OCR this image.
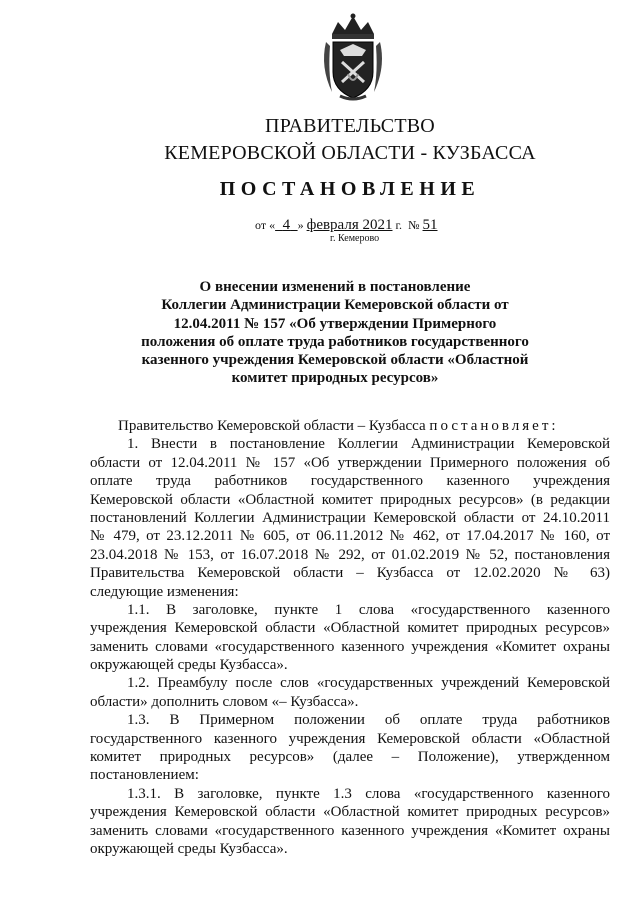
ПРАВИТЕЛЬСТВО
КЕМЕРОВСКОЙ ОБЛАСТИ - КУЗБАССА
ПОСТАНОВЛЕНИЕ
от « 4 » февраля 2021 г. № 51
г. Кемерово
О внесении изменений в постановление
Коллегии Администрации Кемеровской области от
12.04.2011 № 157 «Об утверждении Примерного
положения об оплате труда работников государственного
казенного учреждения Кемеровской области «Областной
комитет природных ресурсов»
Правительство Кемеровской области – Кузбасса постановляет:
1. Внести в постановление Коллегии Администрации Кемеровской
области от 12.04.2011 № 157 «Об утверждении Примерного положения об
оплате труда работников государственного казенного учреждения
Кемеровской области «Областной комитет природных ресурсов» (в редакции
постановлений Коллегии Администрации Кемеровской области от 24.10.2011
№ 479, от 23.12.2011 № 605, от 06.11.2012 № 462, от 17.04.2017 № 160, от
23.04.2018 № 153, от 16.07.2018 № 292, от 01.02.2019 № 52, постановления
Правительства Кемеровской области – Кузбасса от 12.02.2020 № 63)
следующие изменения:
1.1. В заголовке, пункте 1 слова «государственного казенного
учреждения Кемеровской области «Областной комитет природных ресурсов»
заменить словами «государственного казенного учреждения «Комитет охраны
окружающей среды Кузбасса».
1.2. Преамбулу после слов «государственных учреждений Кемеровской
области» дополнить словом «– Кузбасса».
1.3. В Примерном положении об оплате труда работников
государственного казенного учреждения Кемеровской области «Областной
комитет природных ресурсов» (далее – Положение), утвержденном
постановлением:
1.3.1. В заголовке, пункте 1.3 слова «государственного казенного
учреждения Кемеровской области «Областной комитет природных ресурсов»
заменить словами «государственного казенного учреждения «Комитет охраны
окружающей среды Кузбасса».
